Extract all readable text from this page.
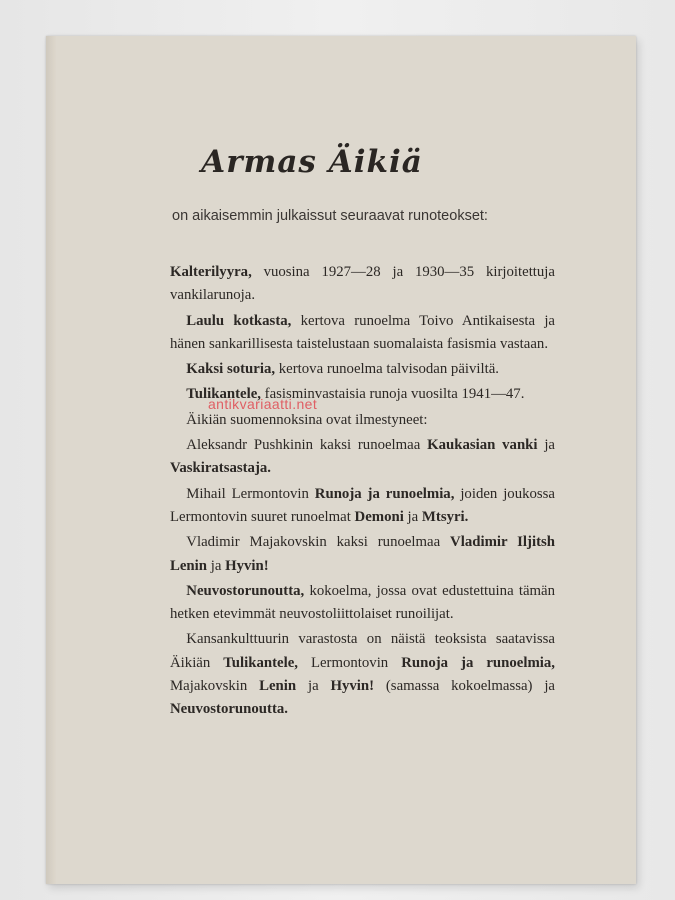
Armas Äikiä
on aikaisemmin julkaissut seuraavat runoteokset:

Kalterilyyra, vuosina 1927—28 ja 1930—35 kirjoitettuja vankilarunoja.

Laulu kotkasta, kertova runoelma Toivo Antikaisesta ja hänen sankarillisesta taistelustaan suomalaista fasismia vastaan.

Kaksi soturia, kertova runoelma talvisodan päiviltä.

Tulikantele, fasisminvastaisia runoja vuosilta 1941—47.

Äikiän suomennoksina ovat ilmestyneet:

Aleksandr Pushkinin kaksi runoelmaa Kaukasian vanki ja Vaskiratsastaja.

Mihail Lermontovin Runoja ja runoelmia, joiden joukossa Lermontovin suuret runoelmat Demoni ja Mtsyri.

Vladimir Majakovskin kaksi runoelmaa Vladimir Iljitsh Lenin ja Hyvin!

Neuvostorunoutta, kokoelma, jossa ovat edustettuina tämän hetken etevimmät neuvostoliittolaiset runoilijat.

Kansankulttuurin varastosta on näistä teoksista saatavissa Äikiän Tulikantele, Lermontovin Runoja ja runoelmia, Majakovskin Lenin ja Hyvin! (samassa kokoelmassa) ja Neuvostorunoutta.

antikvariaatti.net
